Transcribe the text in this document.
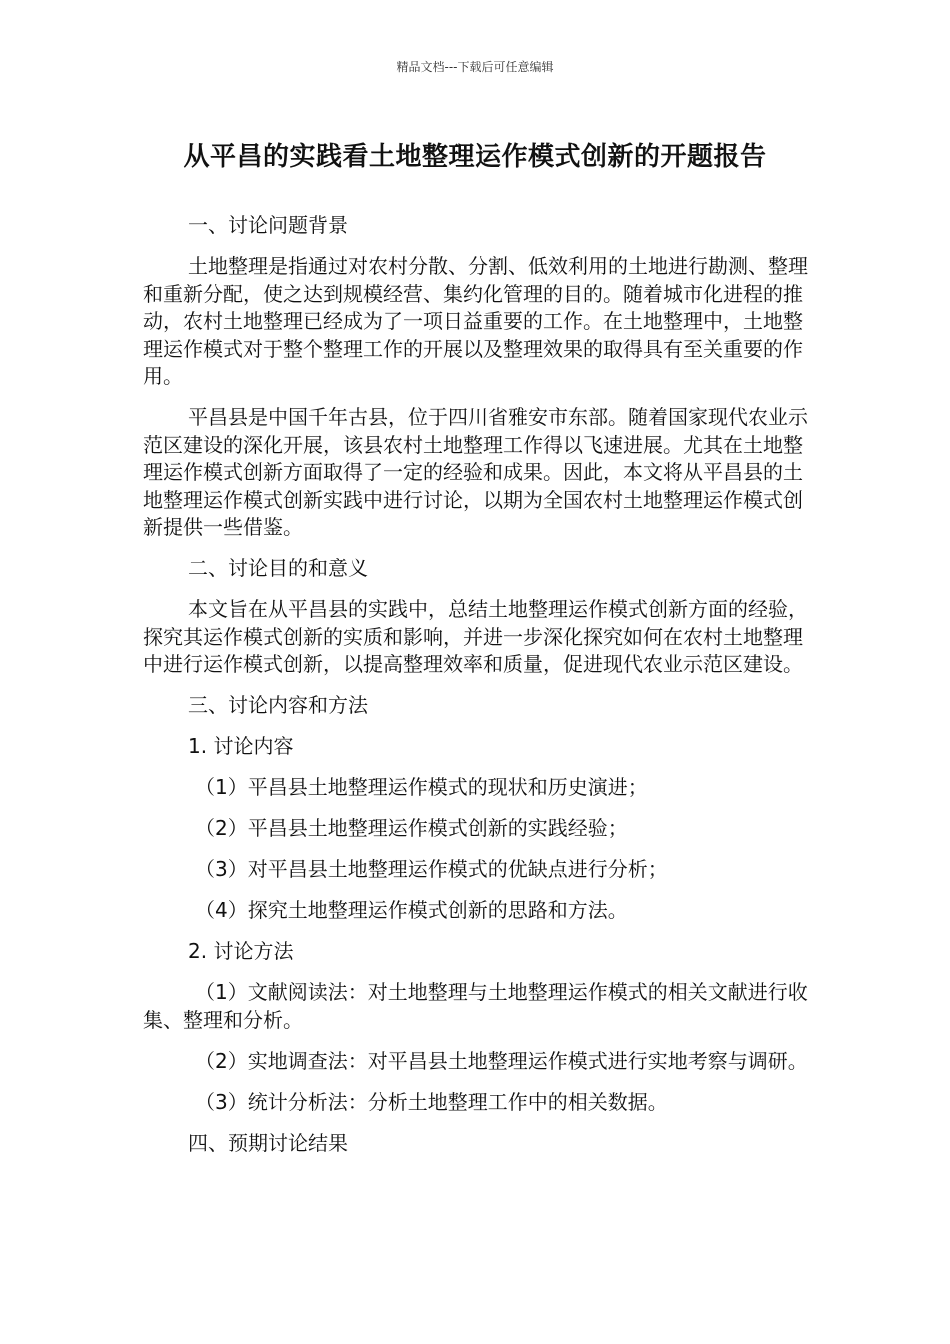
精品文档---下载后可任意编辑
从平昌的实践看土地整理运作模式创新的开题报告

一、讨论问题背景

土地整理是指通过对农村分散、分割、低效利用的土地进行勘测、整理和重新分配，使之达到规模经营、集约化管理的目的。随着城市化进程的推动，农村土地整理已经成为了一项日益重要的工作。在土地整理中，土地整理运作模式对于整个整理工作的开展以及整理效果的取得具有至关重要的作用。

平昌县是中国千年古县，位于四川省雅安市东部。随着国家现代农业示范区建设的深化开展，该县农村土地整理工作得以飞速进展。尤其在土地整理运作模式创新方面取得了一定的经验和成果。因此，本文将从平昌县的土地整理运作模式创新实践中进行讨论，以期为全国农村土地整理运作模式创新提供一些借鉴。

二、讨论目的和意义

本文旨在从平昌县的实践中，总结土地整理运作模式创新方面的经验，探究其运作模式创新的实质和影响，并进一步深化探究如何在农村土地整理中进行运作模式创新，以提高整理效率和质量，促进现代农业示范区建设。

三、讨论内容和方法

1. 讨论内容

（1）平昌县土地整理运作模式的现状和历史演进；

（2）平昌县土地整理运作模式创新的实践经验；

（3）对平昌县土地整理运作模式的优缺点进行分析；

（4）探究土地整理运作模式创新的思路和方法。

2. 讨论方法

（1）文献阅读法：对土地整理与土地整理运作模式的相关文献进行收集、整理和分析。

（2）实地调查法：对平昌县土地整理运作模式进行实地考察与调研。

（3）统计分析法：分析土地整理工作中的相关数据。

四、预期讨论结果
